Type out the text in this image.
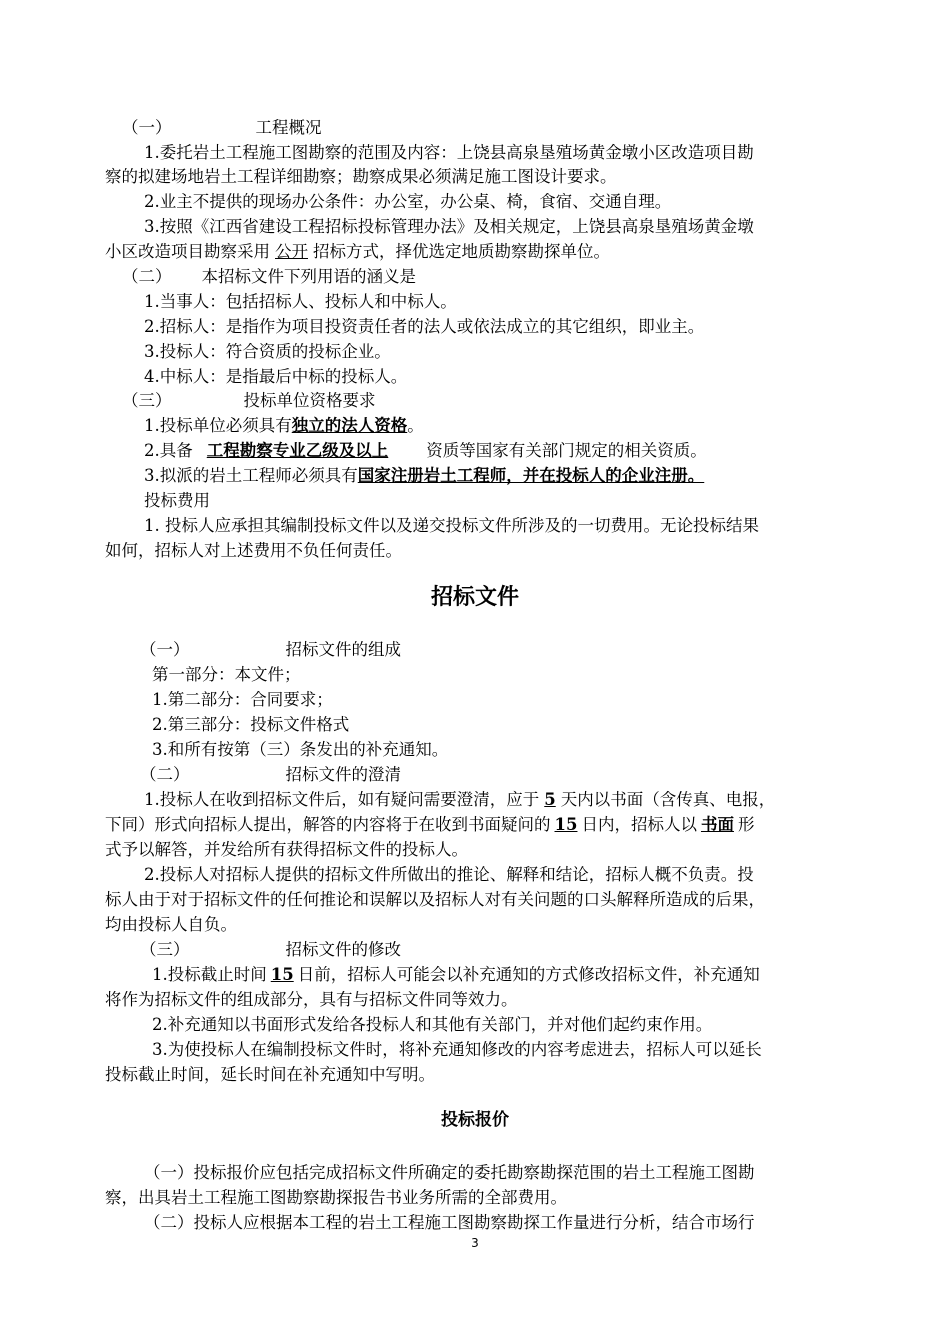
（一）	工程概况
1.委托岩土工程施工图勘察的范围及内容：上饶县高泉垦殖场黄金墩小区改造项目勘
察的拟建场地岩土工程详细勘察；勘察成果必须满足施工图设计要求。
2.业主不提供的现场办公条件：办公室，办公桌、椅，食宿、交通自理。
3.按照《江西省建设工程招标投标管理办法》及相关规定，上饶县高泉垦殖场黄金墩
小区改造项目勘察采用 公开 招标方式，择优选定地质勘察勘探单位。
（二） 本招标文件下列用语的涵义是
1.当事人：包括招标人、投标人和中标人。
2.招标人：是指作为项目投资责任者的法人或依法成立的其它组织，即业主。
3.投标人：符合资质的投标企业。
4.中标人：是指最后中标的投标人。
（三）	投标单位资格要求
1.投标单位必须具有独立的法人资格。
2.具备 工程勘察专业乙级及以上 资质等国家有关部门规定的相关资质。
3.拟派的岩土工程师必须具有国家注册岩土工程师，并在投标人的企业注册。
投标费用
1. 投标人应承担其编制投标文件以及递交投标文件所涉及的一切费用。无论投标结果
如何，招标人对上述费用不负任何责任。
招标文件
（一）	招标文件的组成
第一部分：本文件；
1.第二部分：合同要求；
2.第三部分：投标文件格式
3.和所有按第（三）条发出的补充通知。
（二）	招标文件的澄清
1.投标人在收到招标文件后，如有疑问需要澄清，应于 5 天内以书面（含传真、电报，
下同）形式向招标人提出，解答的内容将于在收到书面疑问的 15 日内，招标人以 书面 形
式予以解答，并发给所有获得招标文件的投标人。
2.投标人对招标人提供的招标文件所做出的推论、解释和结论，招标人概不负责。投
标人由于对于招标文件的任何推论和误解以及招标人对有关问题的口头解释所造成的后果，
均由投标人自负。
（三）	招标文件的修改
1.投标截止时间 15 日前，招标人可能会以补充通知的方式修改招标文件，补充通知
将作为招标文件的组成部分，具有与招标文件同等效力。
2.补充通知以书面形式发给各投标人和其他有关部门，并对他们起约束作用。
3.为使投标人在编制投标文件时，将补充通知修改的内容考虑进去，招标人可以延长
投标截止时间，延长时间在补充通知中写明。
投标报价
（一）投标报价应包括完成招标文件所确定的委托勘察勘探范围的岩土工程施工图勘
察，出具岩土工程施工图勘察勘探报告书业务所需的全部费用。
（二）投标人应根据本工程的岩土工程施工图勘察勘探工作量进行分析，结合市场行
3
